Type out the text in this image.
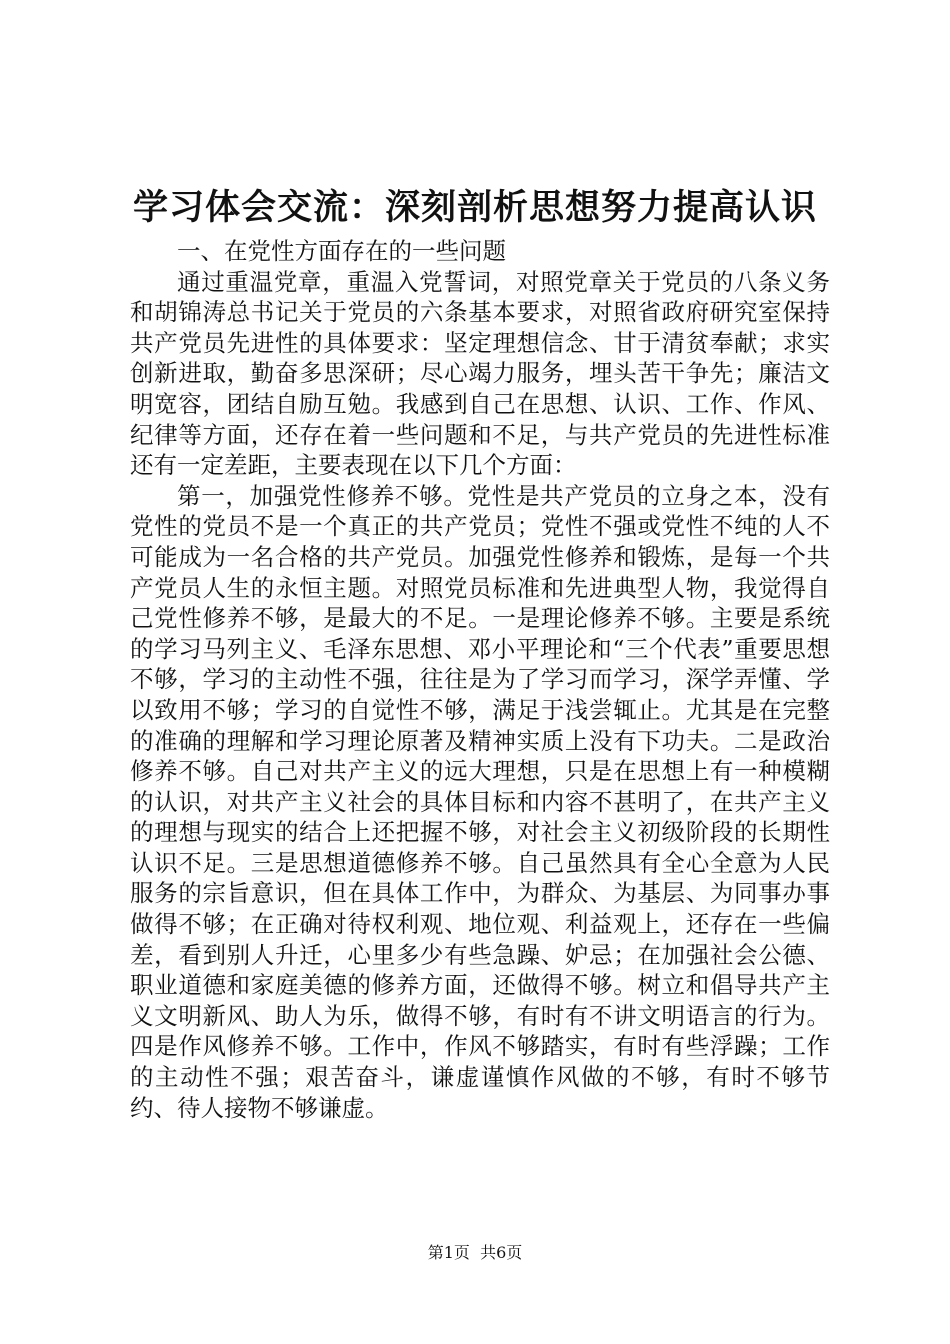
学习体会交流：深刻剖析思想努力提高认识

一、在党性方面存在的一些问题

通过重温党章，重温入党誓词，对照党章关于党员的八条义务和胡锦涛总书记关于党员的六条基本要求，对照省政府研究室保持共产党员先进性的具体要求：坚定理想信念、甘于清贫奉献；求实创新进取，勤奋多思深研；尽心竭力服务，埋头苦干争先；廉洁文明宽容，团结自励互勉。我感到自己在思想、认识、工作、作风、纪律等方面，还存在着一些问题和不足，与共产党员的先进性标准还有一定差距，主要表现在以下几个方面：

第一，加强党性修养不够。党性是共产党员的立身之本，没有党性的党员不是一个真正的共产党员；党性不强或党性不纯的人不可能成为一名合格的共产党员。加强党性修养和锻炼，是每一个共产党员人生的永恒主题。对照党员标准和先进典型人物，我觉得自己党性修养不够，是最大的不足。一是理论修养不够。主要是系统的学习马列主义、毛泽东思想、邓小平理论和“三个代表”重要思想不够，学习的主动性不强，往往是为了学习而学习，深学弄懂、学以致用不够；学习的自觉性不够，满足于浅尝辄止。尤其是在完整的准确的理解和学习理论原著及精神实质上没有下功夫。二是政治修养不够。自己对共产主义的远大理想，只是在思想上有一种模糊的认识，对共产主义社会的具体目标和内容不甚明了，在共产主义的理想与现实的结合上还把握不够，对社会主义初级阶段的长期性认识不足。三是思想道德修养不够。自己虽然具有全心全意为人民服务的宗旨意识，但在具体工作中，为群众、为基层、为同事办事做得不够；在正确对待权利观、地位观、利益观上，还存在一些偏差，看到别人升迁，心里多少有些急躁、妒忌；在加强社会公德、职业道德和家庭美德的修养方面，还做得不够。树立和倡导共产主义文明新风、助人为乐，做得不够，有时有不讲文明语言的行为。四是作风修养不够。工作中，作风不够踏实，有时有些浮躁；工作的主动性不强；艰苦奋斗，谦虚谨慎作风做的不够，有时不够节约、待人接物不够谦虚。

第1页  共6页
